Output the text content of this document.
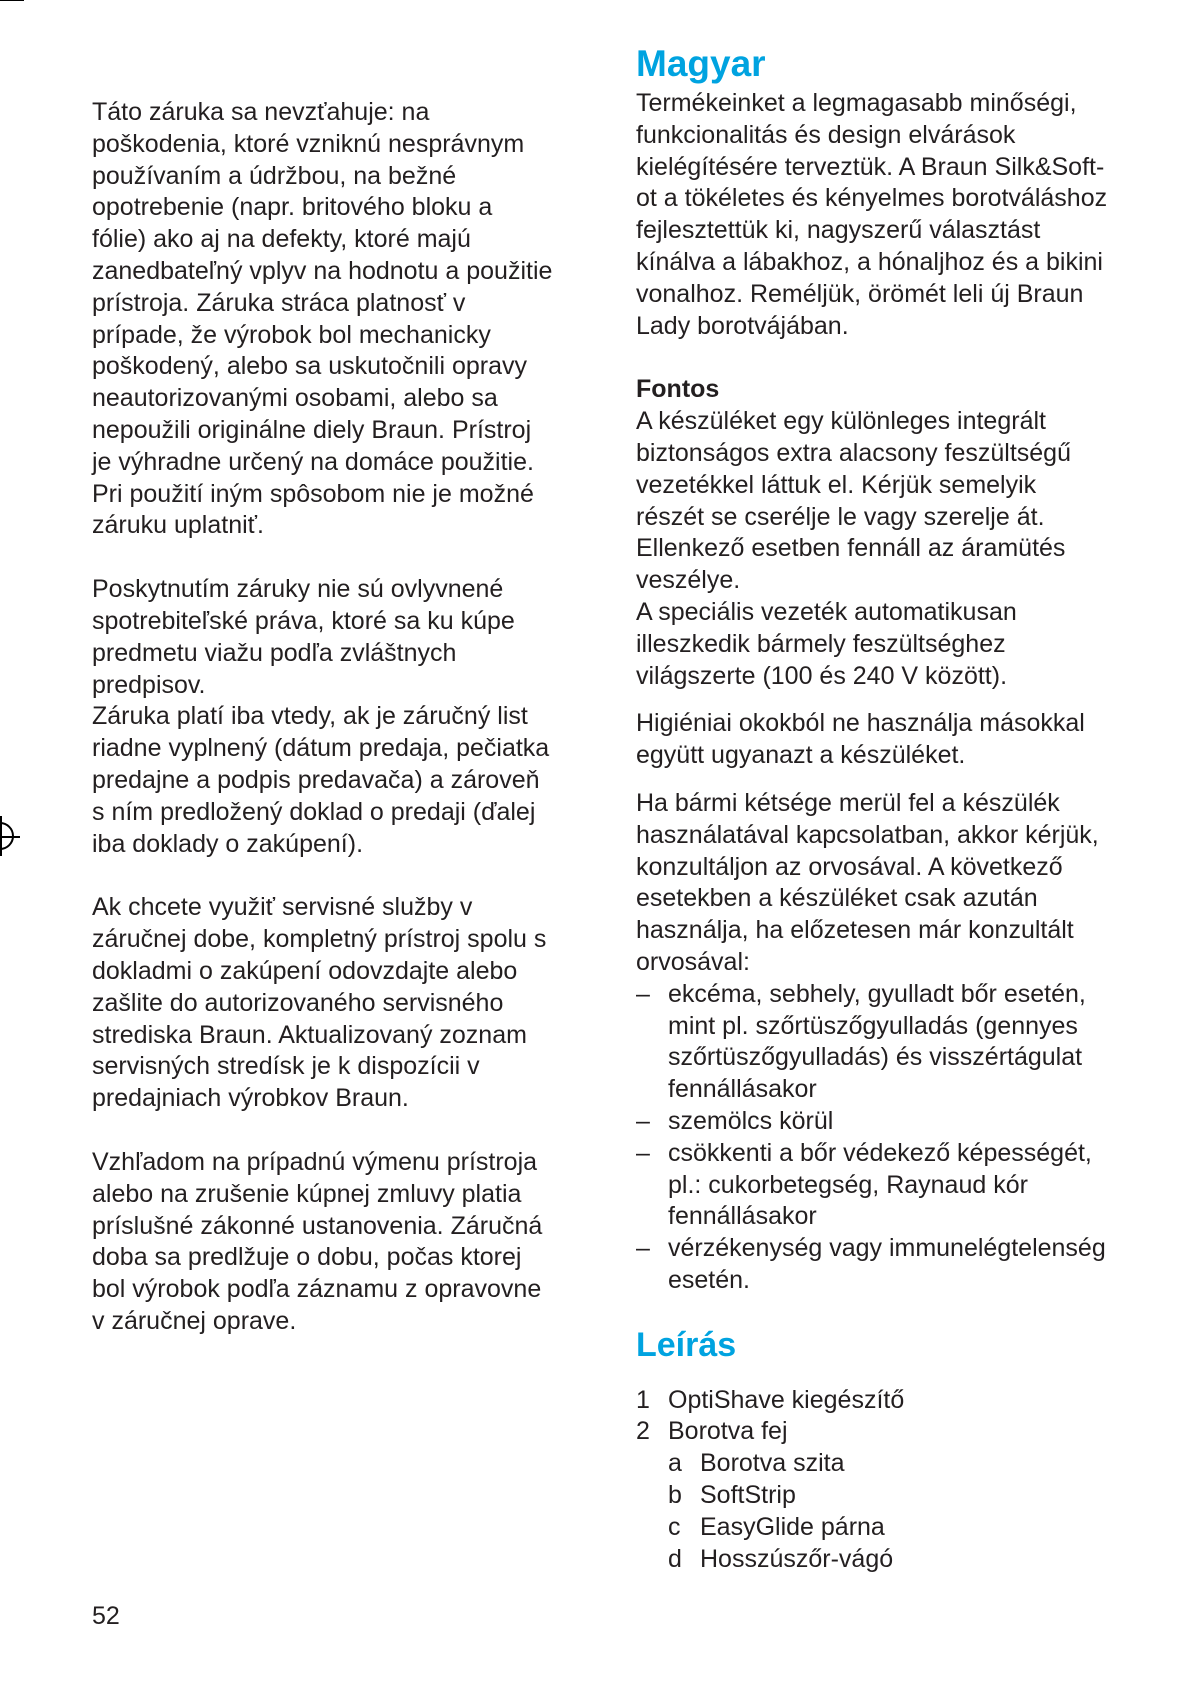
Táto záruka sa nevzťahuje: na
poškodenia, ktoré vzniknú nesprávnym
používaním a údržbou, na bežné
opotrebenie (napr. britového bloku a
fólie) ako aj na defekty, ktoré majú
zanedbateľný vplyv na hodnotu a použitie
prístroja. Záruka stráca platnosť v
prípade, že výrobok bol mechanicky
poškodený, alebo sa uskutočnili opravy
neautorizovanými osobami, alebo sa
nepoužili originálne diely Braun. Prístroj
je výhradne určený na domáce použitie.
Pri použití iným spôsobom nie je možné
záruku uplatniť.

Poskytnutím záruky nie sú ovlyvnené
spotrebiteľské práva, ktoré sa ku kúpe
predmetu viažu podľa zvláštnych
predpisov.

Záruka platí iba vtedy, ak je záručný list
riadne vyplnený (dátum predaja, pečiatka
predajne a podpis predavača) a zároveň
s ním predložený doklad o predaji (ďalej
iba doklady o zakúpení).

Ak chcete využiť servisné služby v
záručnej dobe, kompletný prístroj spolu s
dokladmi o zakúpení odovzdajte alebo
zašlite do autorizovaného servisného
strediska Braun. Aktualizovaný zoznam
servisných stredísk je k dispozícii v
predajniach výrobkov Braun.

Vzhľadom na prípadnú výmenu prístroja
alebo na zrušenie kúpnej zmluvy platia
príslušné zákonné ustanovenia. Záručná
doba sa predlžuje o dobu, počas ktorej
bol výrobok podľa záznamu z opravovne
v záručnej oprave.

Magyar

Termékeinket a legmagasabb minőségi,
funkcionalitás és design elvárások
kielégítésére terveztük. A Braun Silk&Soft-
ot a tökéletes és kényelmes borotváláshoz
fejlesztettük ki, nagyszerű választást
kínálva a lábakhoz, a hónaljhoz és a bikini
vonalhoz. Reméljük, örömét leli új Braun
Lady borotvájában.

Fontos

A készüléket egy különleges integrált
biztonságos extra alacsony feszültségű
vezetékkel láttuk el. Kérjük semelyik
részét se cserélje le vagy szerelje át.
Ellenkező esetben fennáll az áramütés
veszélye.

A speciális vezeték automatikusan
illeszkedik bármely feszültséghez
világszerte (100 és 240 V között).

Higiéniai okokból ne használja másokkal
együtt ugyanazt a készüléket.

Ha bármi kétsége merül fel a készülék
használatával kapcsolatban, akkor kérjük,
konzultáljon az orvosával. A következő
esetekben a készüléket csak azután
használja, ha előzetesen már konzultált
orvosával:

– ekcéma, sebhely, gyulladt bőr esetén,
mint pl. szőrtüszőgyulladás (gennyes
szőrtüszőgyulladás) és visszértágulat
fennállásakor
– szemölcs körül
– csökkenti a bőr védekező képességét,
pl.: cukorbetegség, Raynaud kór
fennállásakor
– vérzékenység vagy immunelégtelenség
esetén.
Leírás
1 OptiShave kiegészítő
2 Borotva fej
a Borotva szita
b SoftStrip
c EasyGlide párna
d Hosszúszőr-vágó
52
